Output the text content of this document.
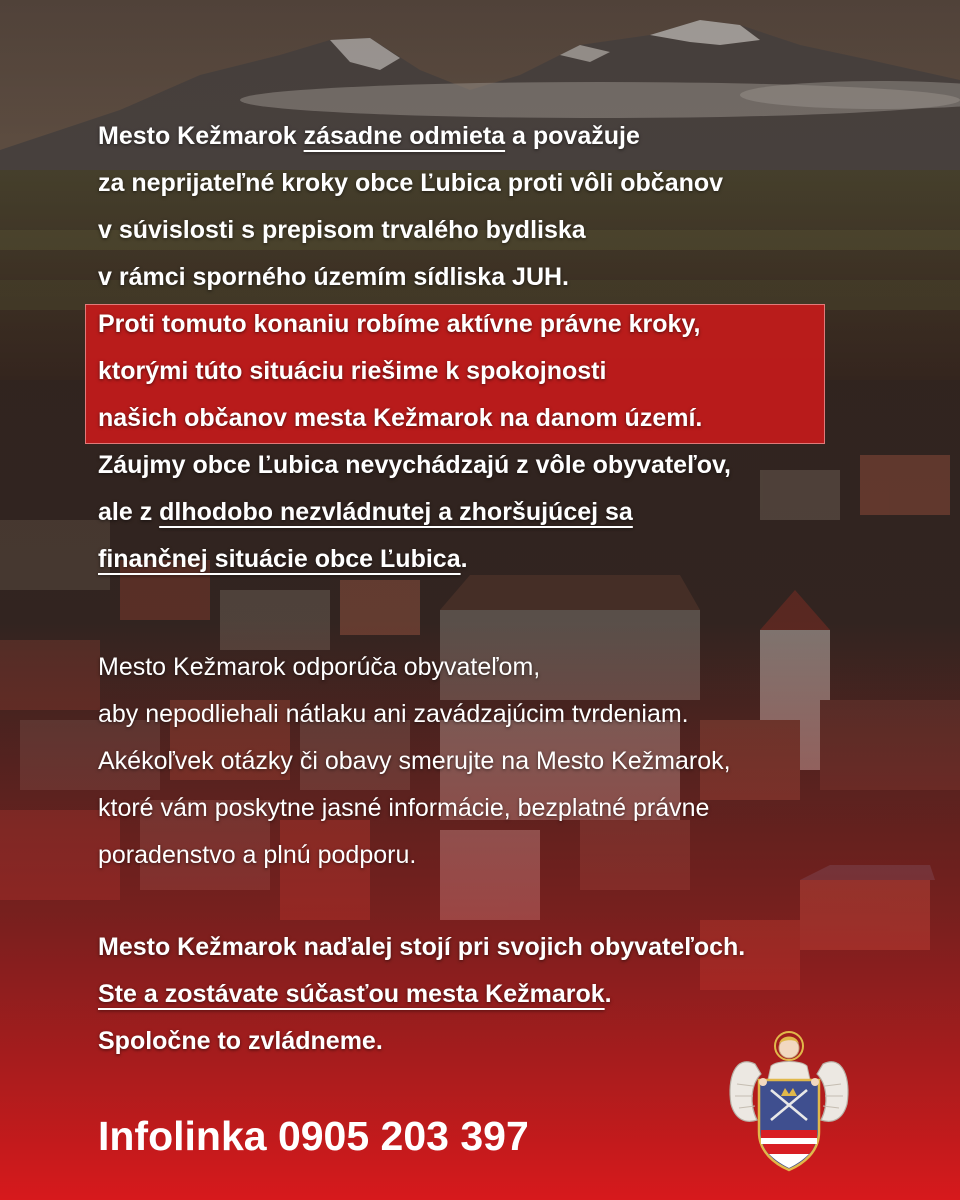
Mesto Kežmarok zásadne odmieta a považuje
za neprijateľné kroky obce Ľubica proti vôli občanov
v súvislosti s prepisom trvalého bydliska
v rámci sporného územím sídliska JUH.
Proti tomuto konaniu robíme aktívne právne kroky,
ktorými túto situáciu riešime k spokojnosti
našich občanov mesta Kežmarok na danom území.
Záujmy obce Ľubica nevychádzajú z vôle obyvateľov,
ale z dlhodobo nezvládnutej a zhoršujúcej sa
finančnej situácie obce Ľubica.
Mesto Kežmarok odporúča obyvateľom,
aby nepodliehali nátlaku ani zavádzajúcim tvrdeniam.
Akékoľvek otázky či obavy smerujte na Mesto Kežmarok,
ktoré vám poskytne jasné informácie, bezplatné právne
poradenstvo a plnú podporu.
Mesto Kežmarok naďalej stojí pri svojich obyvateľoch.
Ste a zostávate súčasťou mesta Kežmarok.
Spoločne to zvládneme.
Infolinka 0905 203 397
